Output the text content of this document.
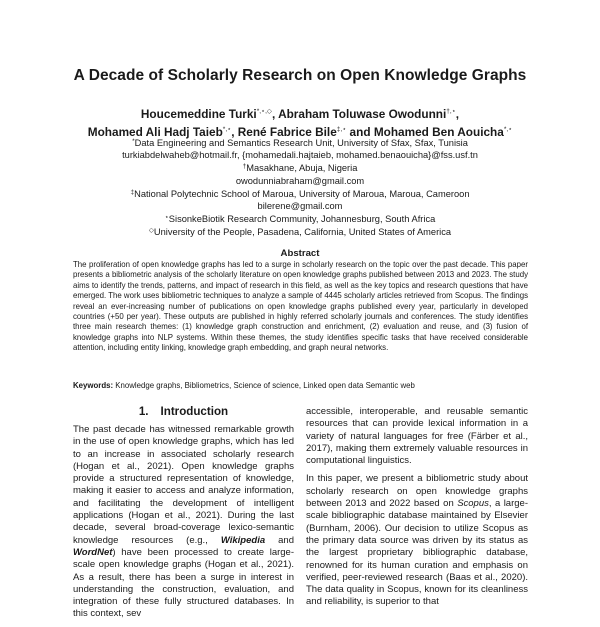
A Decade of Scholarly Research on Open Knowledge Graphs
Houcemeddine Turki*,⋆,◇, Abraham Toluwase Owodunni†,⋆,
Mohamed Ali Hadj Taieb*,⋆, René Fabrice Bile‡,⋆ and Mohamed Ben Aouicha*,⋆
*Data Engineering and Semantics Research Unit, University of Sfax, Sfax, Tunisia
turkiabdelwaheb@hotmail.fr, {mohamedali.hajtaieb, mohamed.benaouicha}@fss.usf.tn
†Masakhane, Abuja, Nigeria
owodunniabraham@gmail.com
‡National Polytechnic School of Maroua, University of Maroua, Maroua, Cameroon
bilerene@gmail.com
⋆SisonkeBiotik Research Community, Johannesburg, South Africa
◇University of the People, Pasadena, California, United States of America
Abstract
The proliferation of open knowledge graphs has led to a surge in scholarly research on the topic over the past decade. This paper presents a bibliometric analysis of the scholarly literature on open knowledge graphs published between 2013 and 2023. The study aims to identify the trends, patterns, and impact of research in this field, as well as the key topics and research questions that have emerged. The work uses bibliometric techniques to analyze a sample of 4445 scholarly articles retrieved from Scopus. The findings reveal an ever-increasing number of publications on open knowledge graphs published every year, particularly in developed countries (+50 per year). These outputs are published in highly referred scholarly journals and conferences. The study identifies three main research themes: (1) knowledge graph construction and enrichment, (2) evaluation and reuse, and (3) fusion of knowledge graphs into NLP systems. Within these themes, the study identifies specific tasks that have received considerable attention, including entity linking, knowledge graph embedding, and graph neural networks.
Keywords: Knowledge graphs, Bibliometrics, Science of science, Linked open data Semantic web
1. Introduction

The past decade has witnessed remarkable growth in the use of open knowledge graphs, which has led to an increase in associated scholarly research (Hogan et al., 2021). Open knowledge graphs provide a structured representation of knowledge, making it easier to access and analyze information, and facilitating the development of intelligent applications (Hogan et al., 2021). During the last decade, several broad-coverage lexico-semantic knowledge resources (e.g., Wikipedia and WordNet) have been processed to create large-scale open knowledge graphs (Hogan et al., 2021). As a result, there has been a surge in interest in understanding the construction, evaluation, and integration of these fully structured databases. In this context, sev

accessible, interoperable, and reusable semantic resources that can provide lexical information in a variety of natural languages for free (Färber et al., 2017), making them extremely valuable resources in computational linguistics.

In this paper, we present a bibliometric study about scholarly research on open knowledge graphs between 2013 and 2022 based on Scopus, a large-scale bibliographic database maintained by Elsevier (Burnham, 2006). Our decision to utilize Scopus as the primary data source was driven by its status as the largest proprietary bibliographic database, renowned for its human curation and emphasis on verified, peer-reviewed research (Baas et al., 2020). The data quality in Scopus, known for its cleanliness and reliability, is superior to that
